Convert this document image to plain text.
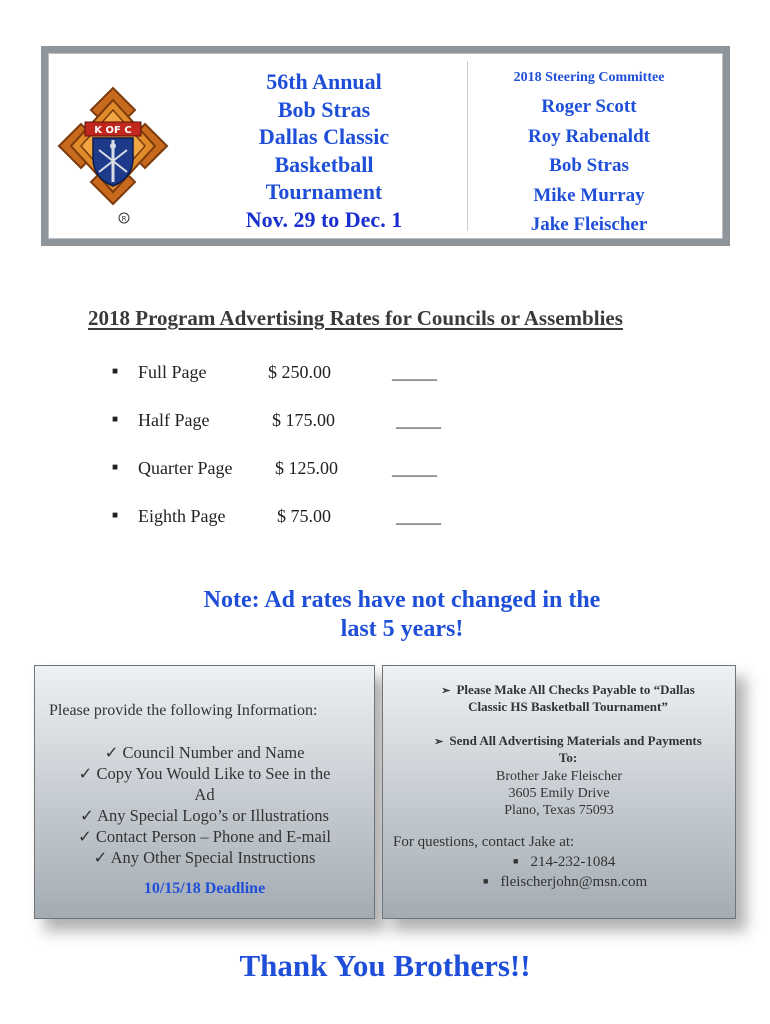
K OF C
R
56th Annual
Bob Stras
Dallas Classic
Basketball
Tournament
Nov. 29 to Dec. 1
2018 Steering Committee
Roger Scott
Roy Rabenaldt
Bob Stras
Mike Murray
Jake Fleischer
2018 Program Advertising Rates for Councils or Assemblies
■ Full Page	$ 250.00	_____
■ Half Page	$ 175.00	_____
■ Quarter Page $ 125.00	_____
■ Eighth Page	$ 75.00	_____
Note: Ad rates have not changed in the
last 5 years!
Please provide the following Information:
✓ Council Number and Name
✓ Copy You Would Like to See in the
Ad
✓ Any Special Logo’s or Illustrations
✓ Contact Person – Phone and E-mail
✓ Any Other Special Instructions
10/15/18 Deadline
➢ Please Make All Checks Payable to “Dallas
Classic HS Basketball Tournament”
➢ Send All Advertising Materials and Payments
To:
Brother Jake Fleischer
3605 Emily Drive
Plano, Texas 75093
For questions, contact Jake at:
■ 214-232-1084
■ fleischerjohn@msn.com
Thank You Brothers!!
